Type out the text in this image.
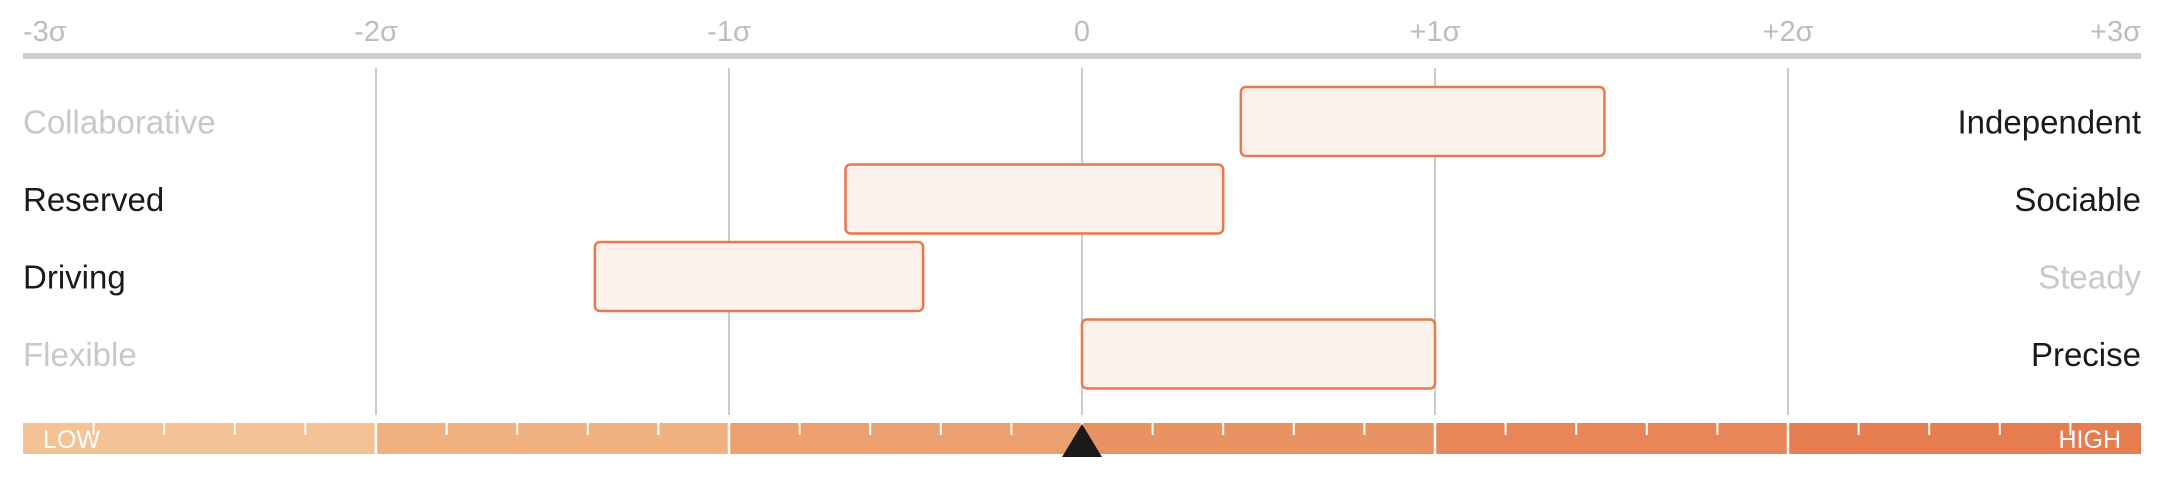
-3σ	-2σ	-1σ	0	+1σ	+2σ	+3σ
Collaborative	Independent
Reserved	Sociable
Driving	Steady
Flexible	Precise
LOW	HIGH
